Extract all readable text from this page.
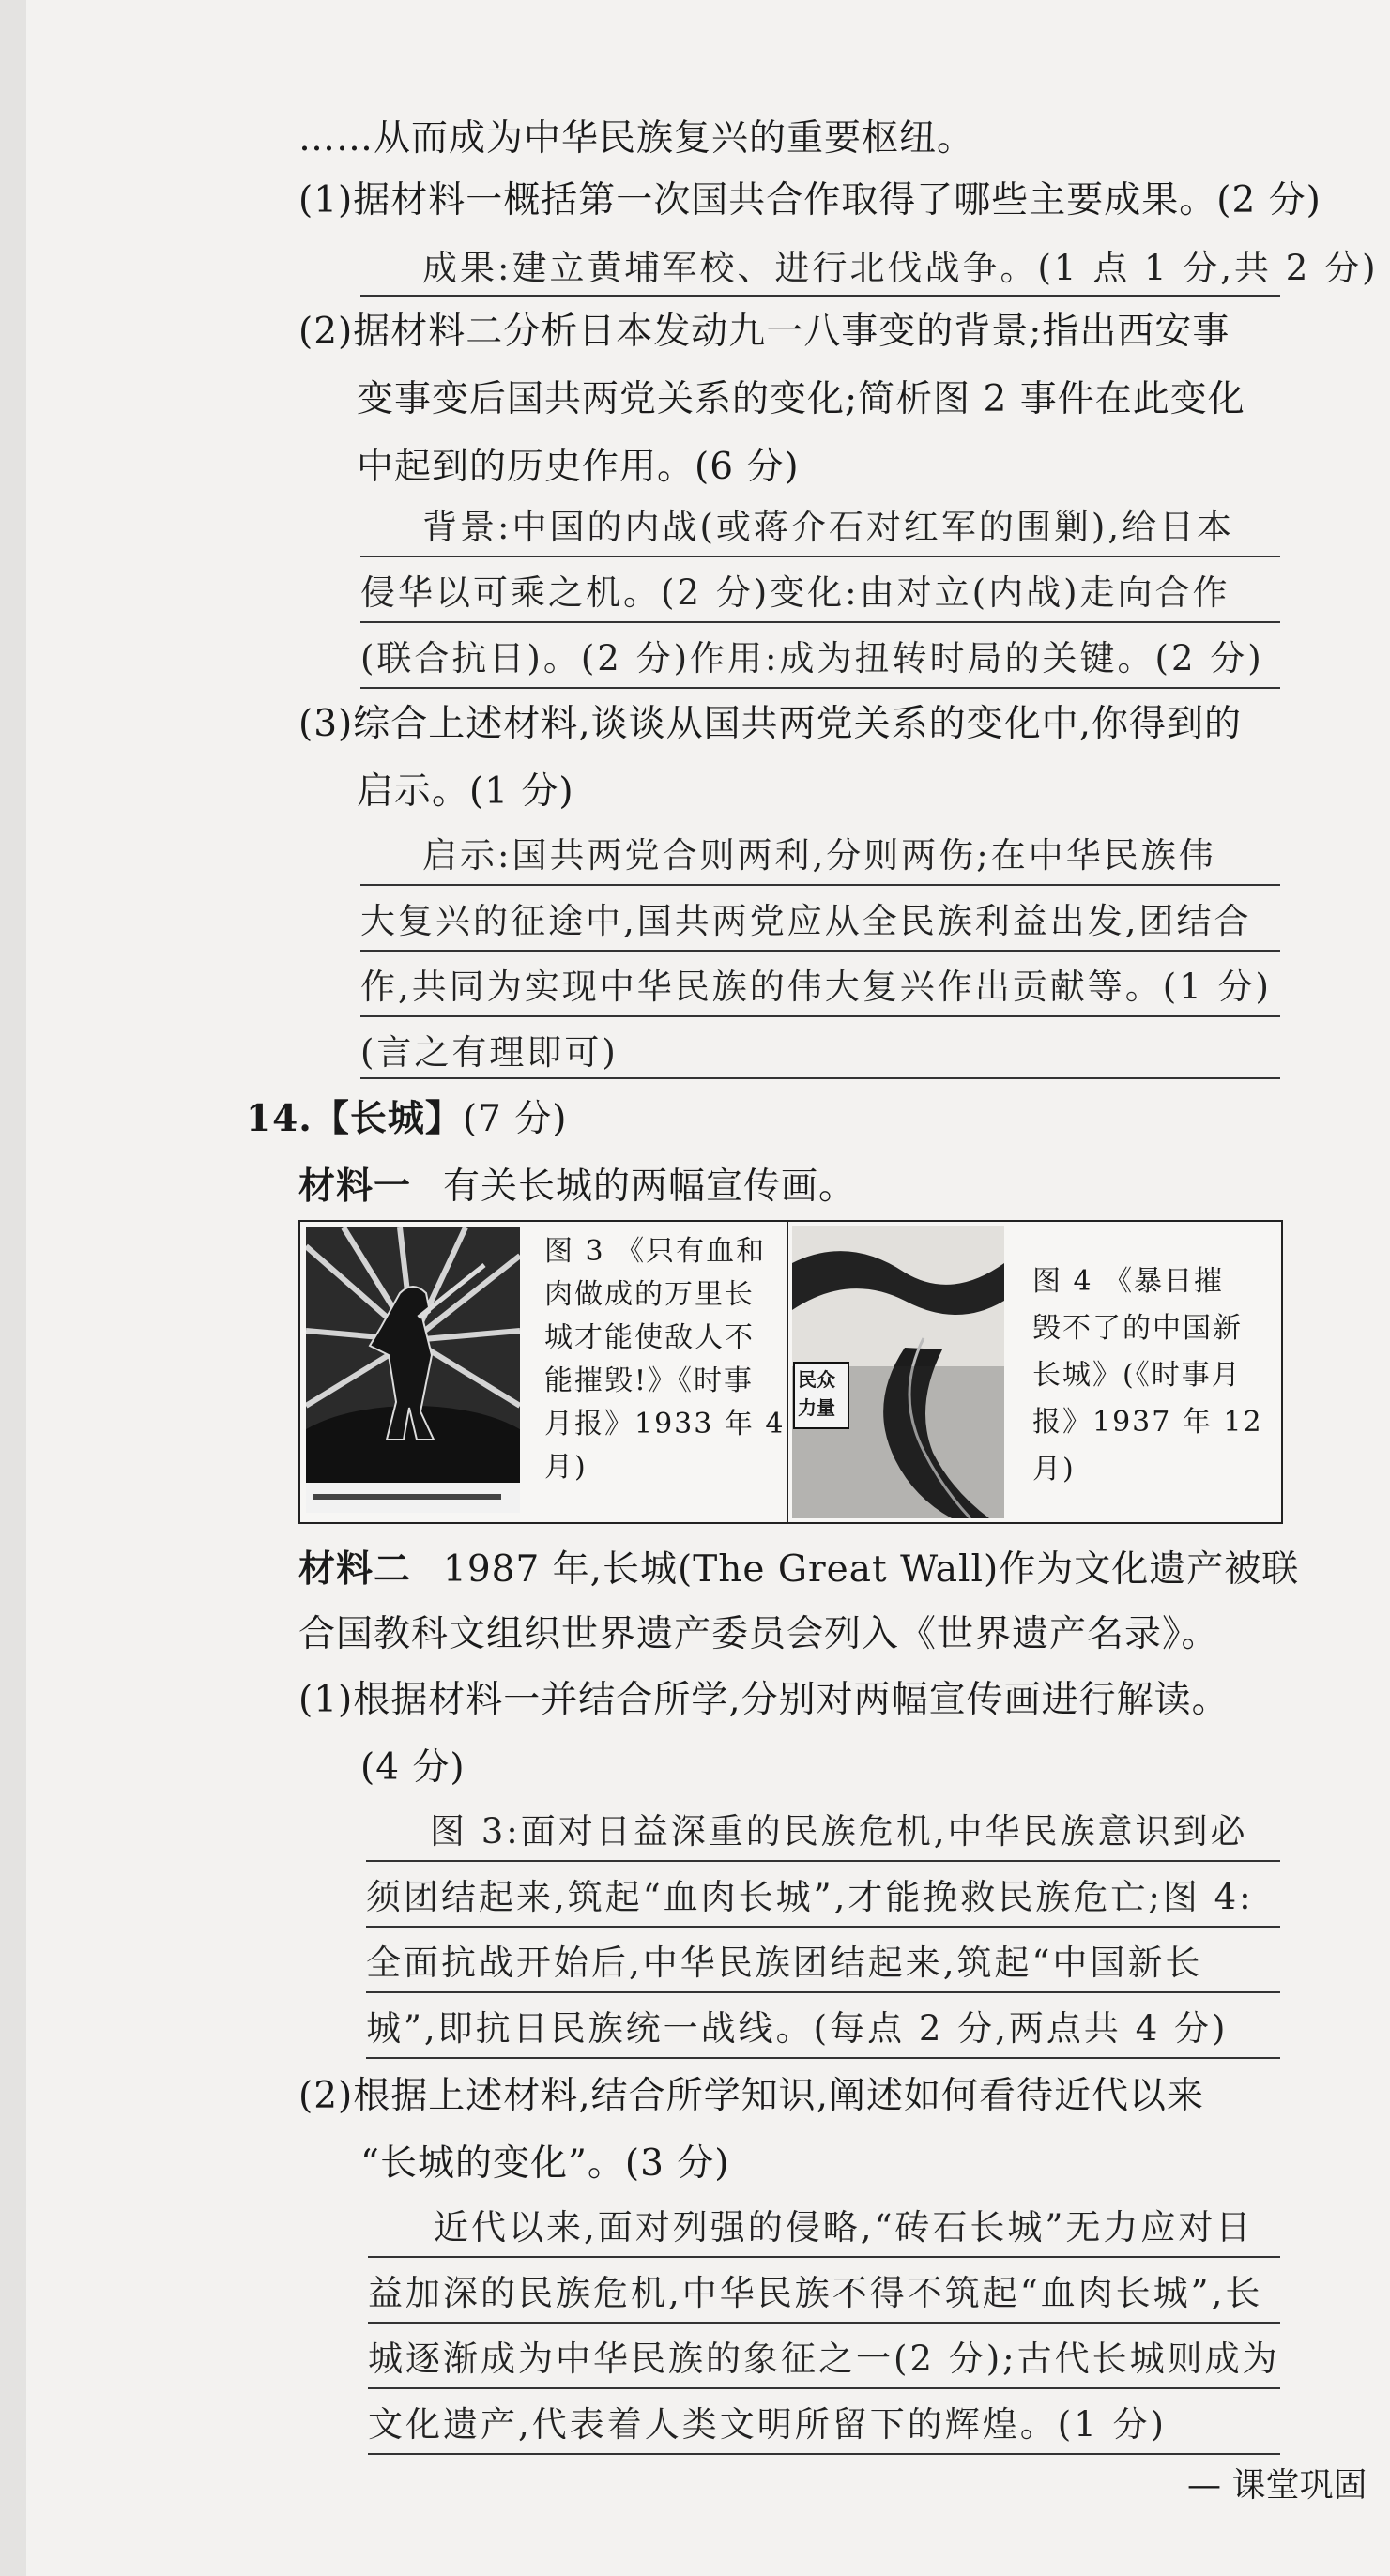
……从而成为中华民族复兴的重要枢纽。
(1)据材料一概括第一次国共合作取得了哪些主要成果。(2 分)
成果:建立黄埔军校、进行北伐战争。(1 点 1 分,共 2 分)
(2)据材料二分析日本发动九一八事变的背景;指出西安事
变事变后国共两党关系的变化;简析图 2 事件在此变化
中起到的历史作用。(6 分)
背景:中国的内战(或蒋介石对红军的围剿),给日本
侵华以可乘之机。(2 分)变化:由对立(内战)走向合作
(联合抗日)。(2 分)作用:成为扭转时局的关键。(2 分)
(3)综合上述材料,谈谈从国共两党关系的变化中,你得到的
启示。(1 分)
启示:国共两党合则两利,分则两伤;在中华民族伟
大复兴的征途中,国共两党应从全民族利益出发,团结合
作,共同为实现中华民族的伟大复兴作出贡献等。(1 分)
(言之有理即可)
14.【长城】(7 分)
材料一 有关长城的两幅宣传画。
图 3 《只有血和
肉做成的万里长
城才能使敌人不
能摧毁!》《时事
月报》1933 年 4
月)
民众
力量
图 4 《暴日摧
毁不了的中国新
长城》(《时事月
报》1937 年 12
月)
材料二 1987 年,长城(The Great Wall)作为文化遗产被联
合国教科文组织世界遗产委员会列入《世界遗产名录》。
(1)根据材料一并结合所学,分别对两幅宣传画进行解读。
(4 分)
图 3:面对日益深重的民族危机,中华民族意识到必
须团结起来,筑起“血肉长城”,才能挽救民族危亡;图 4:
全面抗战开始后,中华民族团结起来,筑起“中国新长
城”,即抗日民族统一战线。(每点 2 分,两点共 4 分)
(2)根据上述材料,结合所学知识,阐述如何看待近代以来
“长城的变化”。(3 分)
近代以来,面对列强的侵略,“砖石长城”无力应对日
益加深的民族危机,中华民族不得不筑起“血肉长城”,长
城逐渐成为中华民族的象征之一(2 分);古代长城则成为
文化遗产,代表着人类文明所留下的辉煌。(1 分)
— 课堂巩固
